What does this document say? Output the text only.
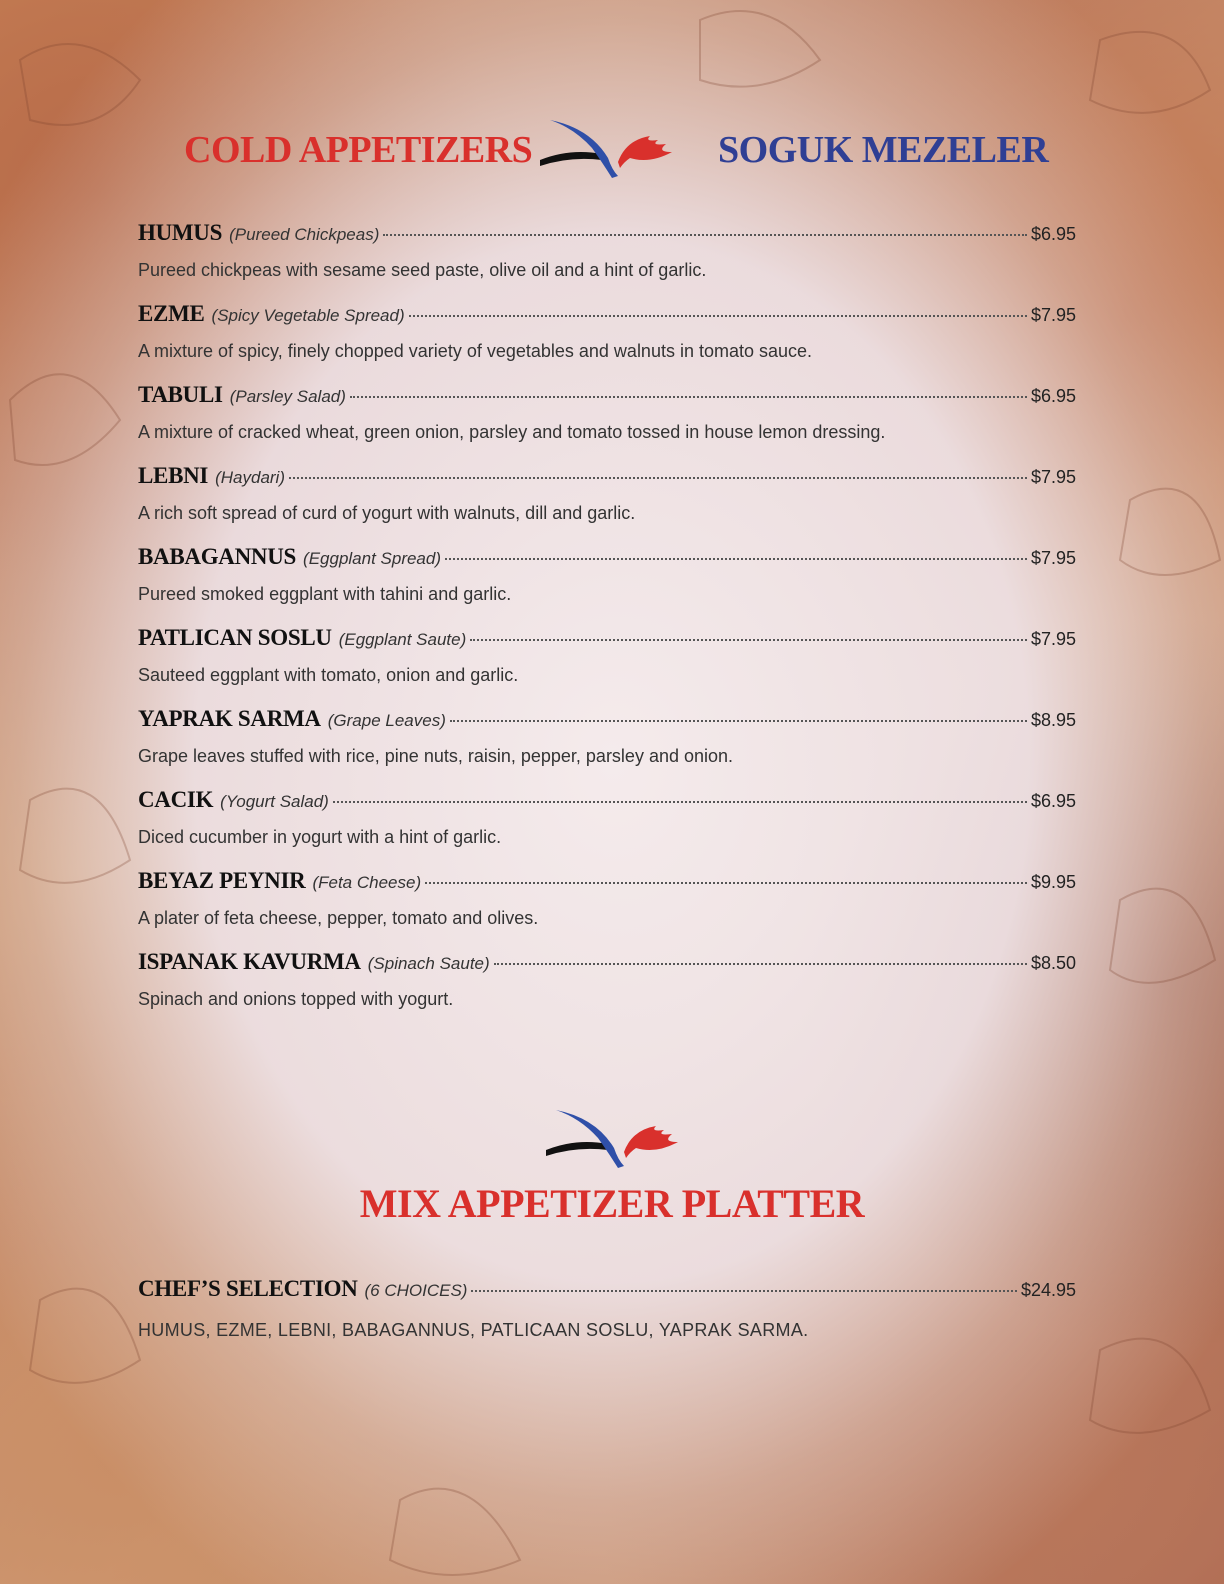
COLD APPETIZERS	SOGUK MEZELER
HUMUS (Pureed Chickpeas)	$6.95
Pureed chickpeas with sesame seed paste, olive oil and a hint of garlic.
EZME (Spicy Vegetable Spread)	$7.95
A mixture of spicy, finely chopped variety of vegetables and walnuts in tomato sauce.
TABULI (Parsley Salad)	$6.95
A mixture of cracked wheat, green onion, parsley and tomato tossed in house lemon dressing.
LEBNI (Haydari)	$7.95
A rich soft spread of curd of yogurt with walnuts, dill and garlic.
BABAGANNUS (Eggplant Spread)	$7.95
Pureed smoked eggplant with tahini and garlic.
PATLICAN SOSLU (Eggplant Saute)	$7.95
Sauteed eggplant with tomato, onion and garlic.
YAPRAK SARMA (Grape Leaves)	$8.95
Grape leaves stuffed with rice, pine nuts, raisin, pepper, parsley and onion.
CACIK (Yogurt Salad)	$6.95
Diced cucumber in yogurt with a hint of garlic.
BEYAZ PEYNIR (Feta Cheese)	$9.95
A plater of feta cheese, pepper, tomato and olives.
ISPANAK KAVURMA (Spinach Saute)	$8.50
Spinach and onions topped with yogurt.
MIX APPETIZER PLATTER
CHEF’S SELECTION (6 CHOICES)	$24.95
HUMUS, EZME, LEBNI, BABAGANNUS, PATLICAAN SOSLU, YAPRAK SARMA.
